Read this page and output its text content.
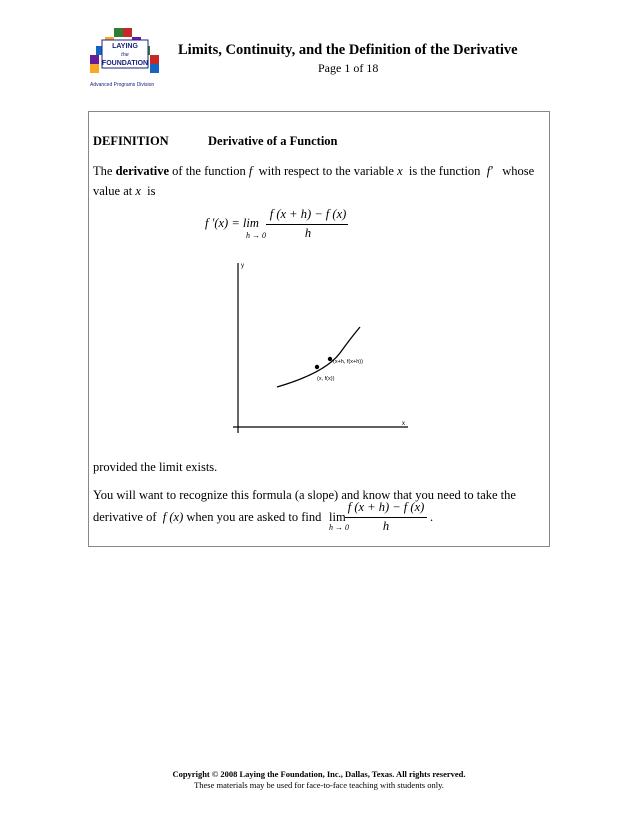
LAYING
the
FOUNDATION
Advanced Programs Division
Limits, Continuity, and the Definition of the Derivative
Page 1 of 18
DEFINITION	Derivative of a Function
The derivative of the function f with respect to the variable x is the function f′ whose
value at x is
f ′(x) = lim
h → 0
f (x + h) − f (x)
h
y
x
(x, f(x))
(x+h, f(x+h))
provided the limit exists.
You will want to recognize this formula (a slope) and know that you need to take the
derivative of f (x) when you are asked to find lim
h → 0
f (x + h) − f (x)
h
.
Copyright © 2008 Laying the Foundation, Inc., Dallas, Texas. All rights reserved.
These materials may be used for face-to-face teaching with students only.
